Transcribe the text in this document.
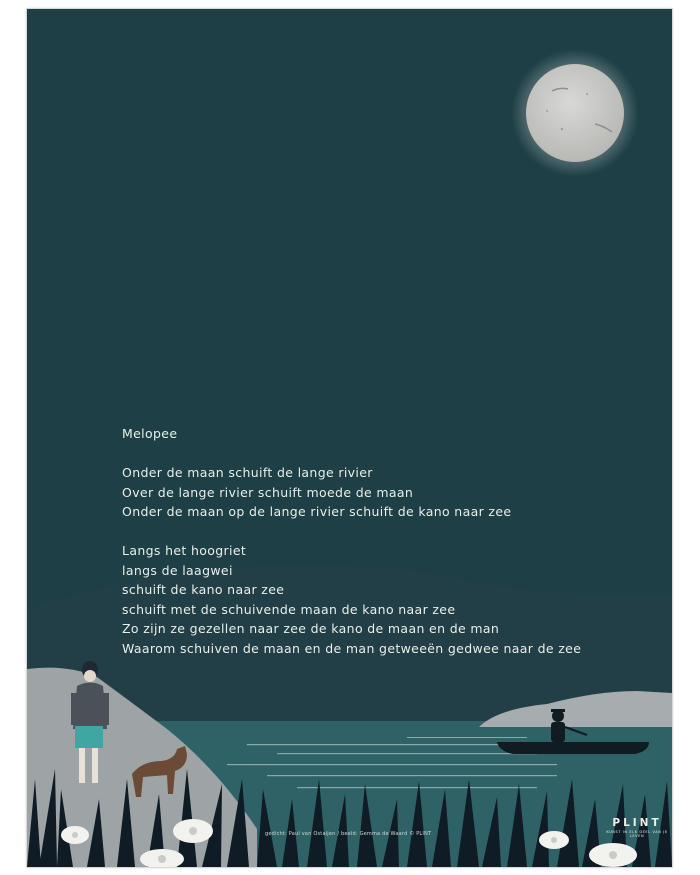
Melopee
Onder de maan schuift de lange rivier
Over de lange rivier schuift moede de maan
Onder de maan op de lange rivier schuift de kano naar zee
Langs het hoogriet
langs de laagwei
schuift de kano naar zee
schuift met de schuivende maan de kano naar zee
Zo zijn ze gezellen naar zee de kano de maan en de man
Waarom schuiven de maan en de man getweeën gedwee naar de zee
gedicht: Paul van Ostaijen / beeld: Gemma de Waard © PLINT
PLINT
KUNST IN ELK DEEL VAN JE LEVEN
